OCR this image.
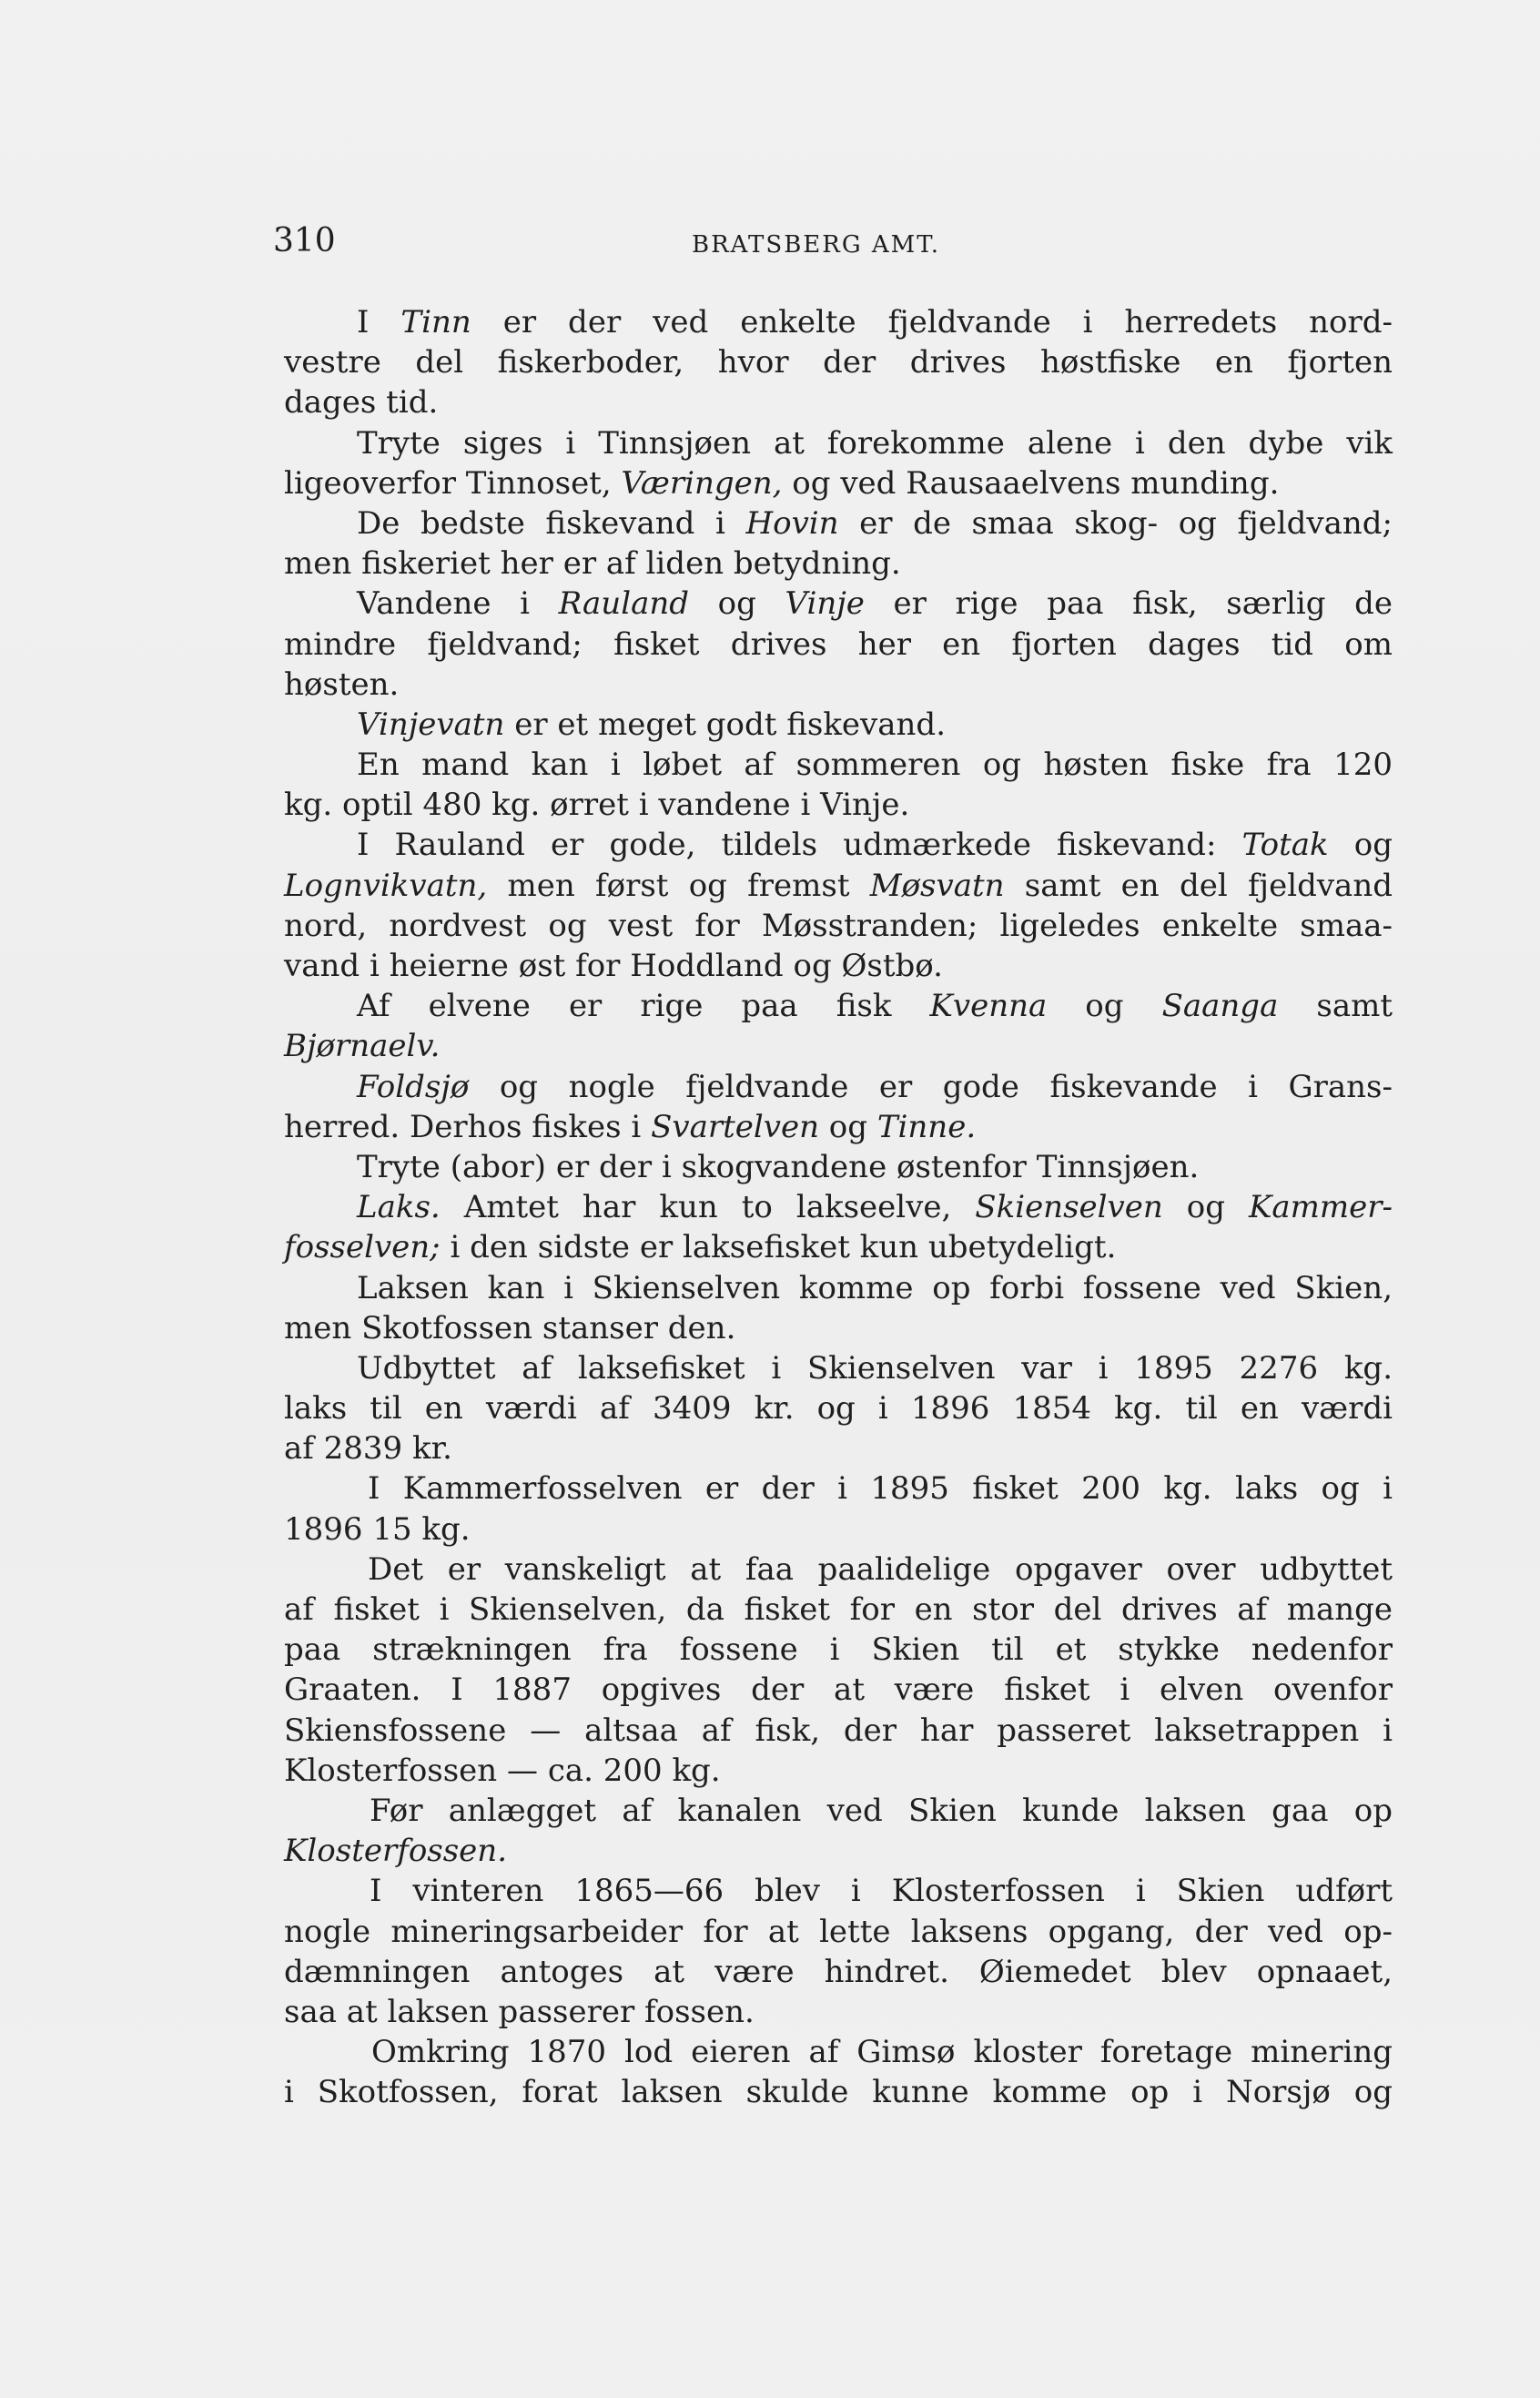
310	BRATSBERG AMT.
I Tinn er der ved enkelte fjeldvande i herredets nord-
vestre del fiskerboder, hvor der drives høstfiske en fjorten
dages tid.
Tryte siges i Tinnsjøen at forekomme alene i den dybe vik
ligeoverfor Tinnoset, Væringen, og ved Rausaaelvens munding.
De bedste fiskevand i Hovin er de smaa skog- og fjeldvand;
men fiskeriet her er af liden betydning.
Vandene i Rauland og Vinje er rige paa fisk, særlig de
mindre fjeldvand; fisket drives her en fjorten dages tid om
høsten.
Vinjevatn er et meget godt fiskevand.
En mand kan i løbet af sommeren og høsten fiske fra 120
kg. optil 480 kg. ørret i vandene i Vinje.
I Rauland er gode, tildels udmærkede fiskevand: Totak og
Lognvikvatn, men først og fremst Møsvatn samt en del fjeldvand
nord, nordvest og vest for Møsstranden; ligeledes enkelte smaa-
vand i heierne øst for Hoddland og Østbø.
Af elvene er rige paa fisk Kvenna og Saanga samt
Bjørnaelv.
Foldsjø og nogle fjeldvande er gode fiskevande i Grans-
herred. Derhos fiskes i Svartelven og Tinne.
Tryte (abor) er der i skogvandene østenfor Tinnsjøen.
Laks. Amtet har kun to lakseelve, Skienselven og Kammer-
fosselven; i den sidste er laksefisket kun ubetydeligt.
Laksen kan i Skienselven komme op forbi fossene ved Skien,
men Skotfossen stanser den.
Udbyttet af laksefisket i Skienselven var i 1895 2276 kg.
laks til en værdi af 3409 kr. og i 1896 1854 kg. til en værdi
af 2839 kr.
I Kammerfosselven er der i 1895 fisket 200 kg. laks og i
1896 15 kg.
Det er vanskeligt at faa paalidelige opgaver over udbyttet
af fisket i Skienselven, da fisket for en stor del drives af mange
paa strækningen fra fossene i Skien til et stykke nedenfor
Graaten. I 1887 opgives der at være fisket i elven ovenfor
Skiensfossene — altsaa af fisk, der har passeret laksetrappen i
Klosterfossen — ca. 200 kg.
Før anlægget af kanalen ved Skien kunde laksen gaa op
Klosterfossen.
I vinteren 1865—66 blev i Klosterfossen i Skien udført
nogle mineringsarbeider for at lette laksens opgang, der ved op-
dæmningen antoges at være hindret. Øiemedet blev opnaaet,
saa at laksen passerer fossen.
Omkring 1870 lod eieren af Gimsø kloster foretage minering
i Skotfossen, forat laksen skulde kunne komme op i Norsjø og
